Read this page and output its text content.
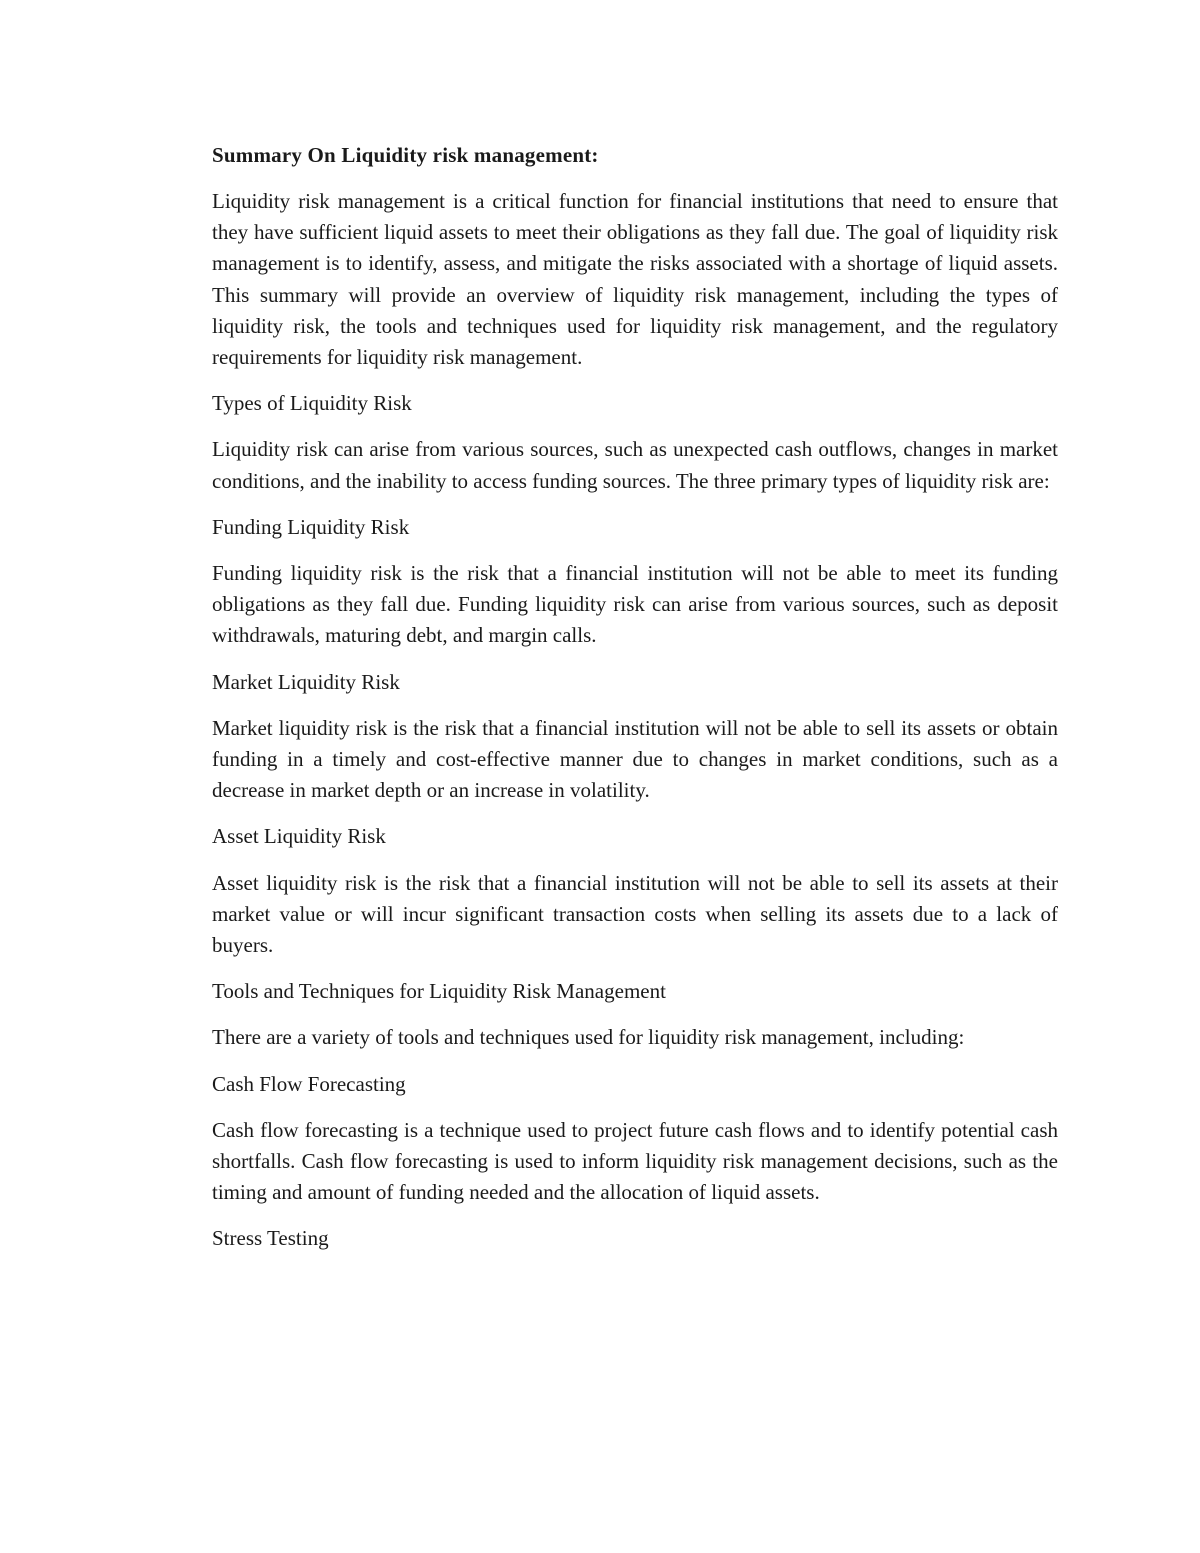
Summary On Liquidity risk management:

Liquidity risk management is a critical function for financial institutions that need to ensure that they have sufficient liquid assets to meet their obligations as they fall due. The goal of liquidity risk management is to identify, assess, and mitigate the risks associated with a shortage of liquid assets. This summary will provide an overview of liquidity risk management, including the types of liquidity risk, the tools and techniques used for liquidity risk management, and the regulatory requirements for liquidity risk management.

Types of Liquidity Risk

Liquidity risk can arise from various sources, such as unexpected cash outflows, changes in market conditions, and the inability to access funding sources. The three primary types of liquidity risk are:

Funding Liquidity Risk

Funding liquidity risk is the risk that a financial institution will not be able to meet its funding obligations as they fall due. Funding liquidity risk can arise from various sources, such as deposit withdrawals, maturing debt, and margin calls.

Market Liquidity Risk

Market liquidity risk is the risk that a financial institution will not be able to sell its assets or obtain funding in a timely and cost-effective manner due to changes in market conditions, such as a decrease in market depth or an increase in volatility.

Asset Liquidity Risk

Asset liquidity risk is the risk that a financial institution will not be able to sell its assets at their market value or will incur significant transaction costs when selling its assets due to a lack of buyers.

Tools and Techniques for Liquidity Risk Management

There are a variety of tools and techniques used for liquidity risk management, including:

Cash Flow Forecasting

Cash flow forecasting is a technique used to project future cash flows and to identify potential cash shortfalls. Cash flow forecasting is used to inform liquidity risk management decisions, such as the timing and amount of funding needed and the allocation of liquid assets.

Stress Testing
